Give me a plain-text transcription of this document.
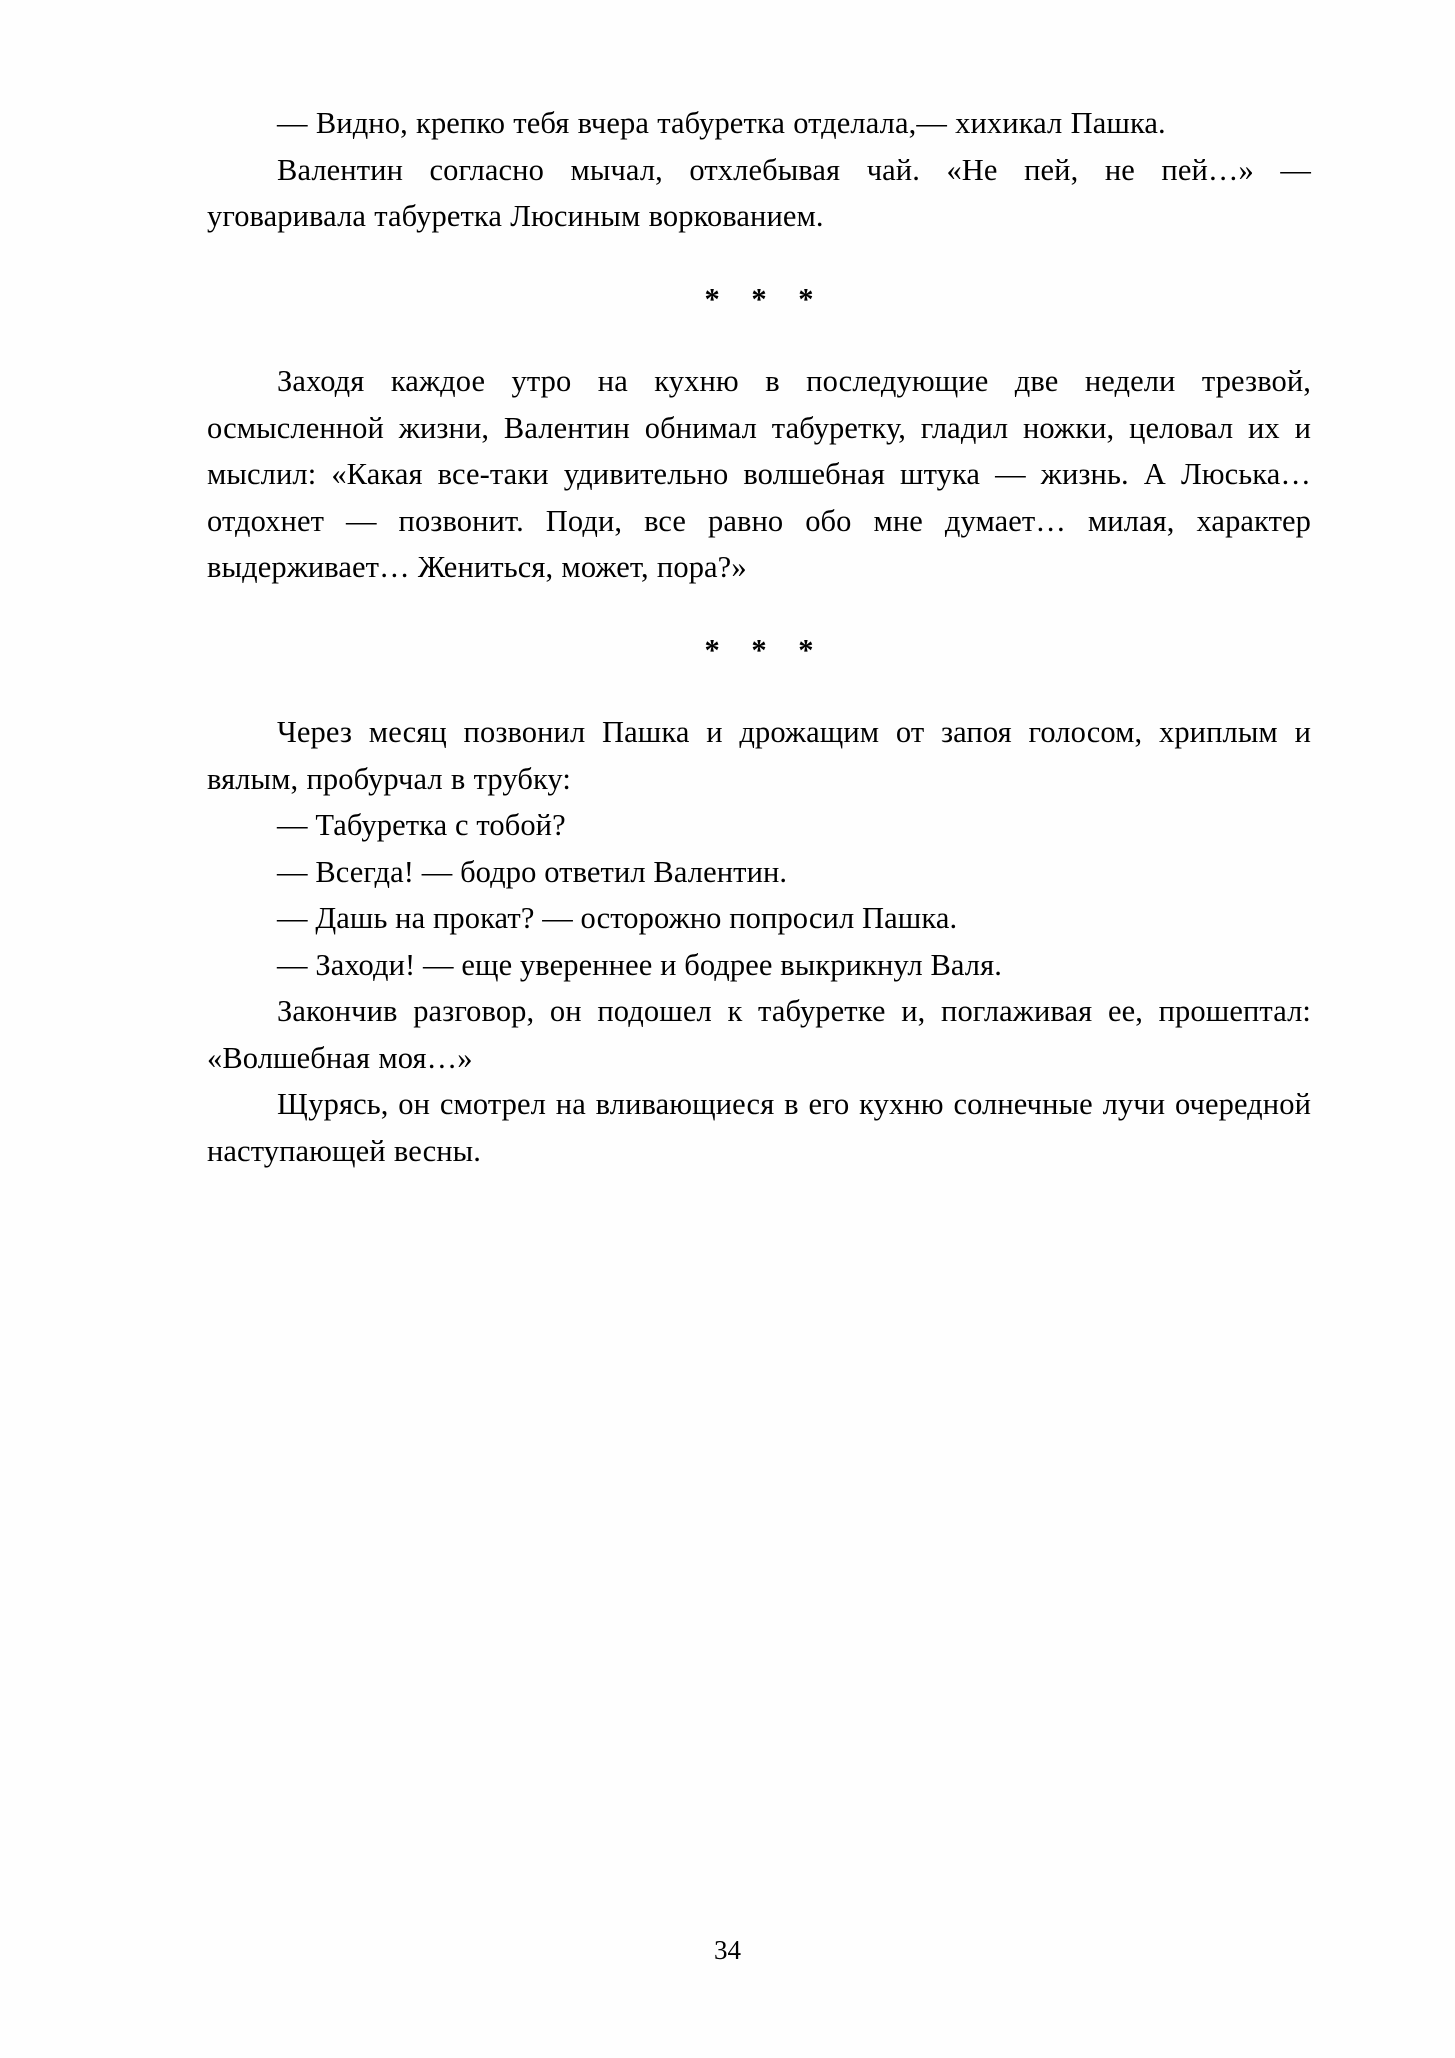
— Видно, крепко тебя вчера табуретка отделала,— хихикал Пашка.

Валентин согласно мычал, отхлебывая чай. «Не пей, не пей…» — уговаривала табуретка Люсиным воркованием.

* * *

Заходя каждое утро на кухню в последующие две недели трезвой, осмысленной жизни, Валентин обнимал табуретку, гладил ножки, целовал их и мыслил: «Какая все-таки удивительно волшебная штука — жизнь. А Люська… отдохнет — позвонит. Поди, все равно обо мне думает… милая, характер выдерживает… Жениться, может, пора?»

* * *

Через месяц позвонил Пашка и дрожащим от запоя голосом, хриплым и вялым, пробурчал в трубку:

— Табуретка с тобой?

— Всегда! — бодро ответил Валентин.

— Дашь на прокат? — осторожно попросил Пашка.

— Заходи! — еще увереннее и бодрее выкрикнул Валя.

Закончив разговор, он подошел к табуретке и, поглаживая ее, прошептал: «Волшебная моя…»

Щурясь, он смотрел на вливающиеся в его кухню солнечные лучи очередной наступающей весны.

34
